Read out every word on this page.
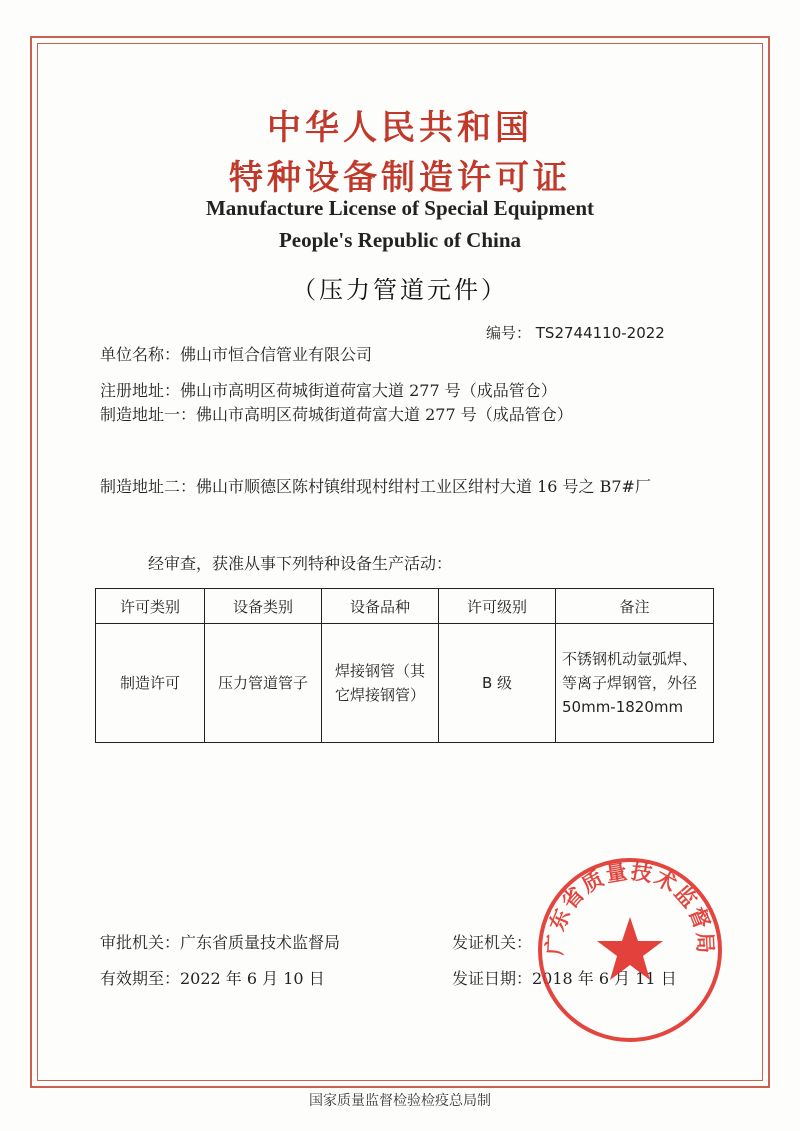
中华人民共和国
特种设备制造许可证
Manufacture License of Special Equipment
People's Republic of China
（压力管道元件）
编号： TS2744110-2022
单位名称：佛山市恒合信管业有限公司
注册地址：佛山市高明区荷城街道荷富大道 277 号（成品管仓）
制造地址一：佛山市高明区荷城街道荷富大道 277 号（成品管仓）
制造地址二：佛山市顺德区陈村镇绀现村绀村工业区绀村大道 16 号之 B7#厂
经审查，获准从事下列特种设备生产活动：
许可类别	设备类别	设备品种	许可级别	备注
制造许可	压力管道管子	焊接钢管（其它焊接钢管）	B 级	不锈钢机动氩弧焊、等离子焊钢管，外径 50mm-1820mm
审批机关：广东省质量技术监督局	发证机关：
有效期至：2022 年 6 月 10 日	发证日期：2018 年 6 月 11 日
广东省质量技术监督局
国家质量监督检验检疫总局制
